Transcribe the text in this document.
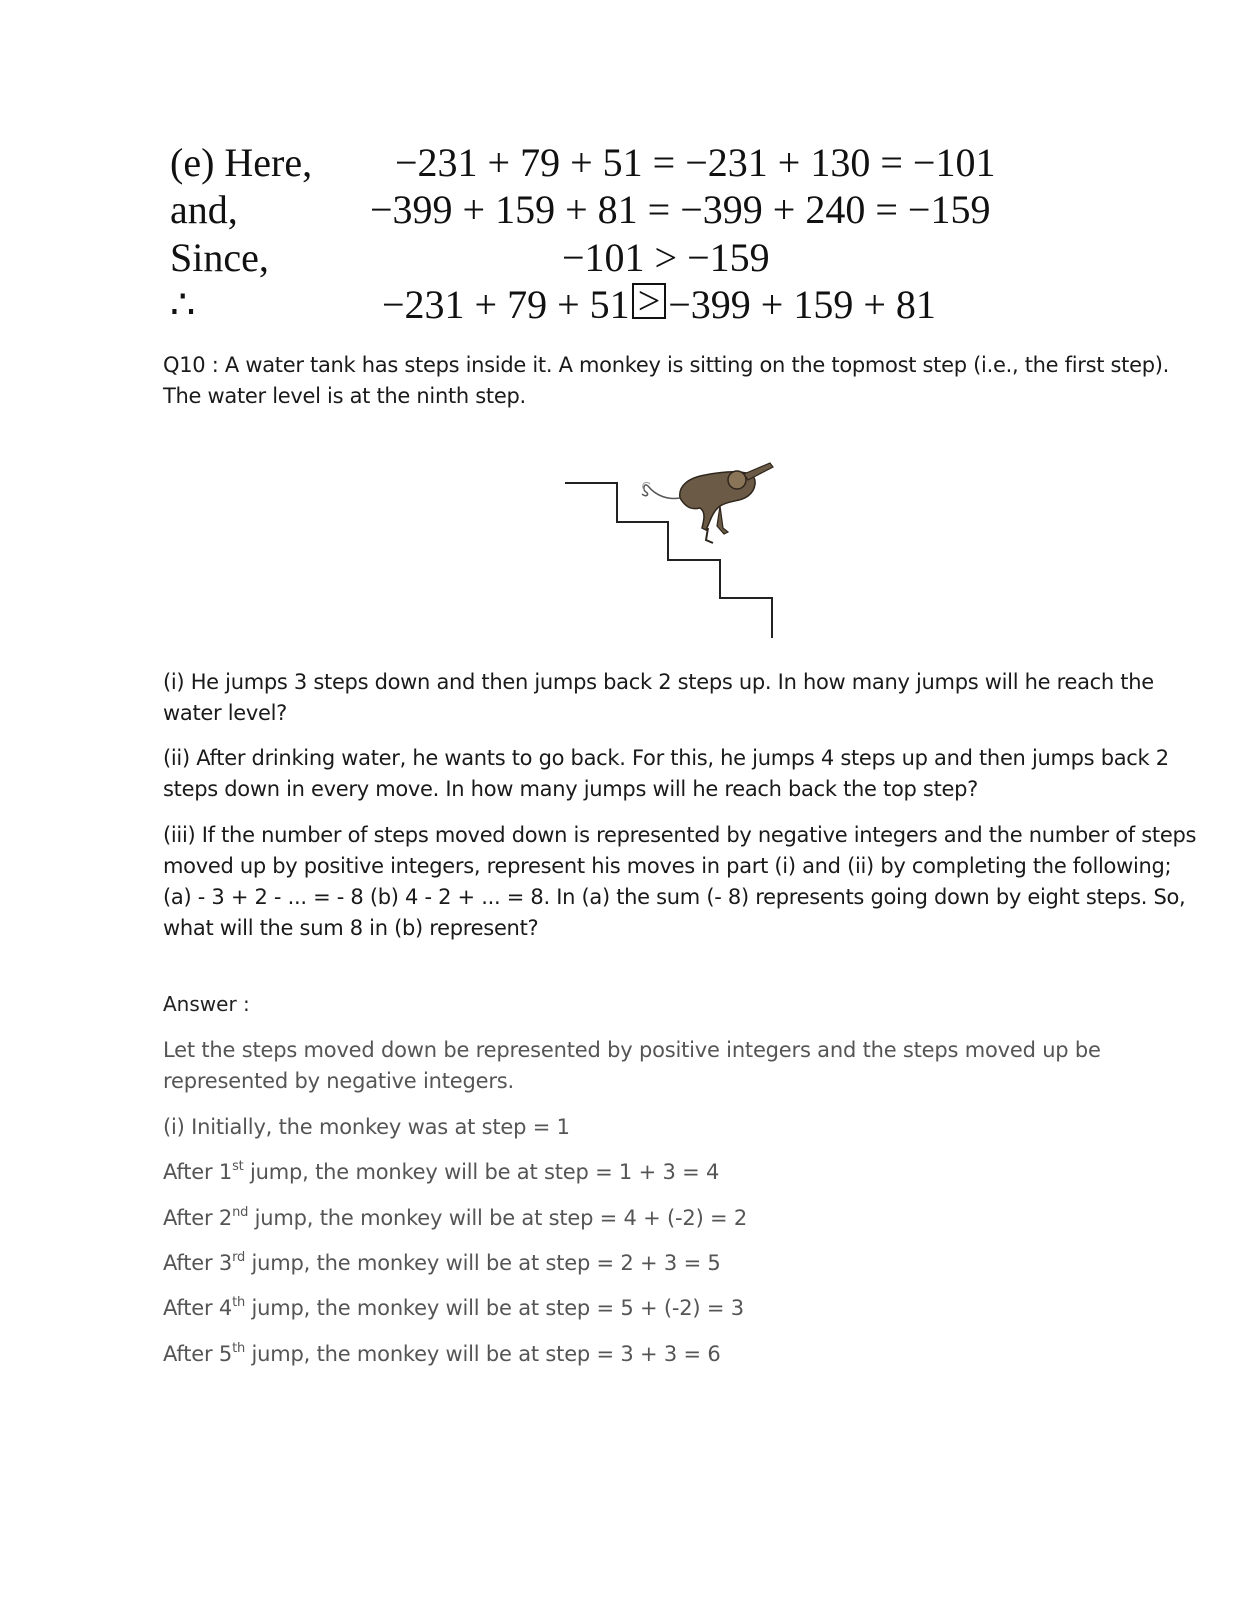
(e) Here, −231 + 79 + 51 = −231 + 130 = −101
and,	−399 + 159 + 81 = −399 + 240 = −159
Since,	−101 > −159
∴	−231 + 79 + 51 > −399 + 159 + 81
Q10 : A water tank has steps inside it. A monkey is sitting on the topmost step (i.e., the first step). The water level is at the ninth step.
(i) He jumps 3 steps down and then jumps back 2 steps up. In how many jumps will he reach the water level?
(ii) After drinking water, he wants to go back. For this, he jumps 4 steps up and then jumps back 2 steps down in every move. In how many jumps will he reach back the top step?
(iii) If the number of steps moved down is represented by negative integers and the number of steps moved up by positive integers, represent his moves in part (i) and (ii) by completing the following; (a) - 3 + 2 - ... = - 8 (b) 4 - 2 + ... = 8. In (a) the sum (- 8) represents going down by eight steps. So, what will the sum 8 in (b) represent?
Answer :
Let the steps moved down be represented by positive integers and the steps moved up be represented by negative integers.
(i) Initially, the monkey was at step = 1
After 1st jump, the monkey will be at step = 1 + 3 = 4
After 2nd jump, the monkey will be at step = 4 + (-2) = 2
After 3rd jump, the monkey will be at step = 2 + 3 = 5
After 4th jump, the monkey will be at step = 5 + (-2) = 3
After 5th jump, the monkey will be at step = 3 + 3 = 6
